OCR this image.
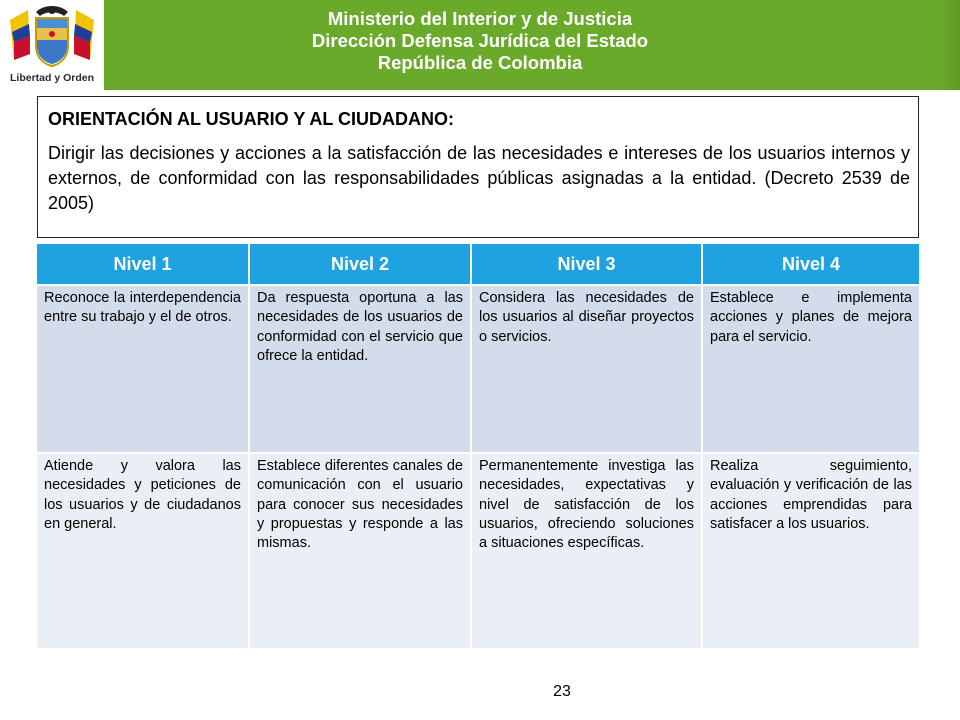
Libertad y Orden
Ministerio del Interior y de Justicia
Dirección Defensa Jurídica del Estado
República de Colombia
ORIENTACIÓN AL USUARIO Y AL CIUDADANO:
Dirigir las decisiones y acciones a la satisfacción de las necesidades e intereses de los usuarios internos y externos, de conformidad con las responsabilidades públicas asignadas a la entidad. (Decreto 2539 de 2005)
Nivel 1	Nivel 2	Nivel 3	Nivel 4
Reconoce la interdependencia entre su trabajo y el de otros.	Da respuesta oportuna a las necesidades de los usuarios de conformidad con el servicio que ofrece la entidad.	Considera las necesidades de los usuarios al diseñar proyectos o servicios.	Establece e implementa acciones y planes de mejora para el servicio.
Atiende y valora las necesidades y peticiones de los usuarios y de ciudadanos en general.	Establece diferentes canales de comunicación con el usuario para conocer sus necesidades y propuestas y responde a las mismas.	Permanentemente investiga las necesidades, expectativas y nivel de satisfacción de los usuarios, ofreciendo soluciones a situaciones específicas.	Realiza seguimiento, evaluación y verificación de las acciones emprendidas para satisfacer a los usuarios.
23
